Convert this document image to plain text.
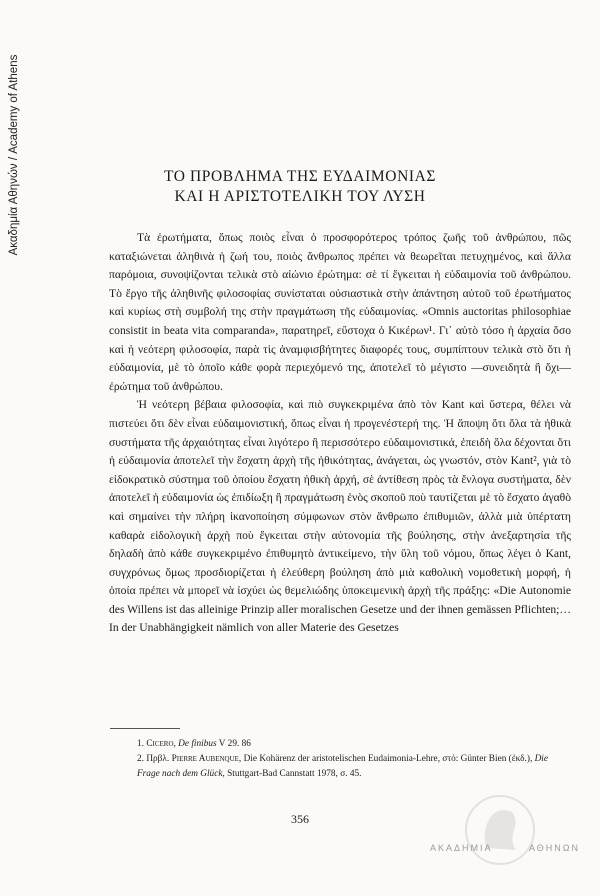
Ακαδημία Αθηνών / Academy of Athens	ΤΟ ΠΡΟΒΛΗΜΑ ΤΗΣ ΕΥΔΑΙΜΟΝΙΑΣ
ΚΑΙ Η ΑΡΙΣΤΟΤΕΛΙΚΗ ΤΟΥ ΛΥΣΗ

Τὰ ἐρωτήματα, ὅπως ποιὸς εἶναι ὁ προσφορότερος τρόπος ζωῆς τοῦ ἀνθρώπου, πῶς καταξιώνεται ἀληθινὰ ἡ ζωή του, ποιὸς ἄνθρωπος πρέπει νὰ θεωρεῖται πετυχημένος, καὶ ἄλλα παρόμοια, συνοψίζονται τελικὰ στὸ αἰώνιο ἐρώτημα: σὲ τί ἔγκειται ἡ εὐδαιμονία τοῦ ἀνθρώπου. Τὸ ἔργο τῆς ἀληθινῆς φιλοσοφίας συνίσταται οὐσιαστικὰ στὴν ἀπάντηση αὐτοῦ τοῦ ἐρωτήματος καὶ κυρίως στὴ συμβολή της στὴν πραγμάτωση τῆς εὐδαιμονίας. «Omnis auctoritas philosophiae consistit in beata vita comparanda», παρατηρεῖ, εὔστοχα ὁ Κικέρων¹. Γι᾽ αὐτὸ τόσο ἡ ἀρχαία ὅσο καὶ ἡ νεότερη φιλοσοφία, παρὰ τὶς ἀναμφισβήτητες διαφορές τους, συμπίπτουν τελικὰ στὸ ὅτι ἡ εὐδαιμονία, μὲ τὸ ὁποῖο κάθε φορὰ περιεχόμενό της, ἀποτελεῖ τὸ μέγιστο —συνειδητὰ ἢ ὄχι— ἐρώτημα τοῦ ἀνθρώπου.

Ἡ νεότερη βέβαια φιλοσοφία, καὶ πιὸ συγκεκριμένα ἀπὸ τὸν Kant καὶ ὕστερα, θέλει νὰ πιστεύει ὅτι δὲν εἶναι εὐδαιμονιστική, ὅπως εἶναι ἡ προγενέστερή της. Ἡ ἄποψη ὅτι ὅλα τὰ ἠθικὰ συστήματα τῆς ἀρχαιότητας εἶναι λιγότερο ἢ περισσότερο εὐδαιμονιστικά, ἐπειδὴ ὅλα δέχονται ὅτι ἡ εὐδαιμονία ἀποτελεῖ τὴν ἔσχατη ἀρχὴ τῆς ἠθικότητας, ἀνάγεται, ὡς γνωστόν, στὸν Kant², γιὰ τὸ εἰδοκρατικὸ σύστημα τοῦ ὁποίου ἔσχατη ἠθικὴ ἀρχή, σὲ ἀντίθεση πρὸς τὰ ἔνλογα συστήματα, δὲν ἀποτελεῖ ἡ εὐδαιμονία ὡς ἐπιδίωξη ἢ πραγμάτωση ἑνὸς σκοποῦ ποὺ ταυτίζεται μὲ τὸ ἔσχατο ἀγαθὸ καὶ σημαίνει τὴν πλήρη ἱκανοποίηση σύμφωνων στὸν ἄνθρωπο ἐπιθυμιῶν, ἀλλὰ μιὰ ὑπέρτατη καθαρὰ εἰδολογικὴ ἀρχὴ ποὺ ἔγκειται στὴν αὐτονομία τῆς βούλησης, στὴν ἀνεξαρτησία τῆς δηλαδὴ ἀπὸ κάθε συγκεκριμένο ἐπιθυμητὸ ἀντικείμενο, τὴν ὕλη τοῦ νόμου, ὅπως λέγει ὁ Kant, συγχρόνως ὅμως προσδιορίζεται ἡ ἐλεύθερη βούληση ἀπὸ μιὰ καθολικὴ νομοθετικὴ μορφή, ἡ ὁποία πρέπει νὰ μπορεῖ νὰ ἰσχύει ὡς θεμελιώδης ὑποκειμενικὴ ἀρχὴ τῆς πράξης: «Die Autonomie des Willens ist das alleinige Prinzip aller moralischen Gesetze und der ihnen gemässen Pflichten;… In der Unabhängigkeit nämlich von aller Materie des Gesetzes

1. Cicero, De finibus V 29. 86

2. Πρβλ. Pierre Aubenque, Die Kohärenz der aristotelischen Eudaimonia-Lehre, στό: Günter Bien (ἐκδ.), Die Frage nach dem Glück, Stuttgart-Bad Cannstatt 1978, σ. 45.

356
ΑΚΑΔΗΜΙΑ	ΑΘΗΝΩΝ
